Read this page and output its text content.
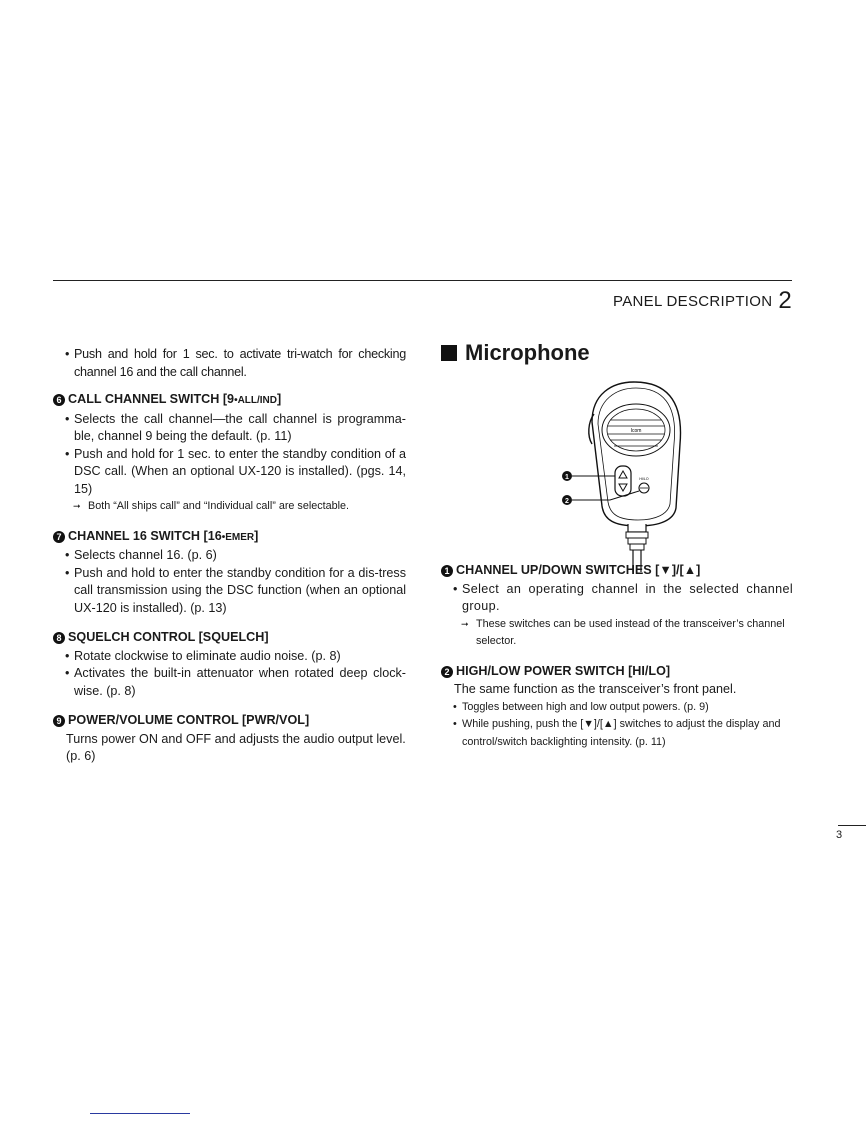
PANEL DESCRIPTION 2
• Push and hold for 1 sec. to activate tri-watch for checking channel 16 and the call channel.
6 CALL CHANNEL SWITCH [9•ALL/IND]
• Selects the call channel—the call channel is programma-ble, channel 9 being the default. (p. 11)
• Push and hold for 1 sec. to enter the standby condition of a DSC call. (When an optional UX-120 is installed). (pgs. 14, 15)
➞ Both “All ships call” and “Individual call” are selectable.
7 CHANNEL 16 SWITCH [16•EMER]
• Selects channel 16. (p. 6)
• Push and hold to enter the standby condition for a dis-tress call transmission using the DSC function (when an optional UX-120 is installed). (p. 13)
8 SQUELCH CONTROL [SQUELCH]
• Rotate clockwise to eliminate audio noise. (p. 8)
• Activates the built-in attenuator when rotated deep clock-wise. (p. 8)
9 POWER/VOLUME CONTROL [PWR/VOL]
Turns power ON and OFF and adjusts the audio output level. (p. 6)
Microphone
Icom
HI/LO
1
2
1 CHANNEL UP/DOWN SWITCHES [▼]/[▲]
• Select an operating channel in the selected channel group.
➞ These switches can be used instead of the transceiver’s channel selector.
2 HIGH/LOW POWER SWITCH [HI/LO]
The same function as the transceiver’s front panel.
• Toggles between high and low output powers. (p. 9)
• While pushing, push the [▼]/[▲] switches to adjust the display and control/switch backlighting intensity. (p. 11)
3
